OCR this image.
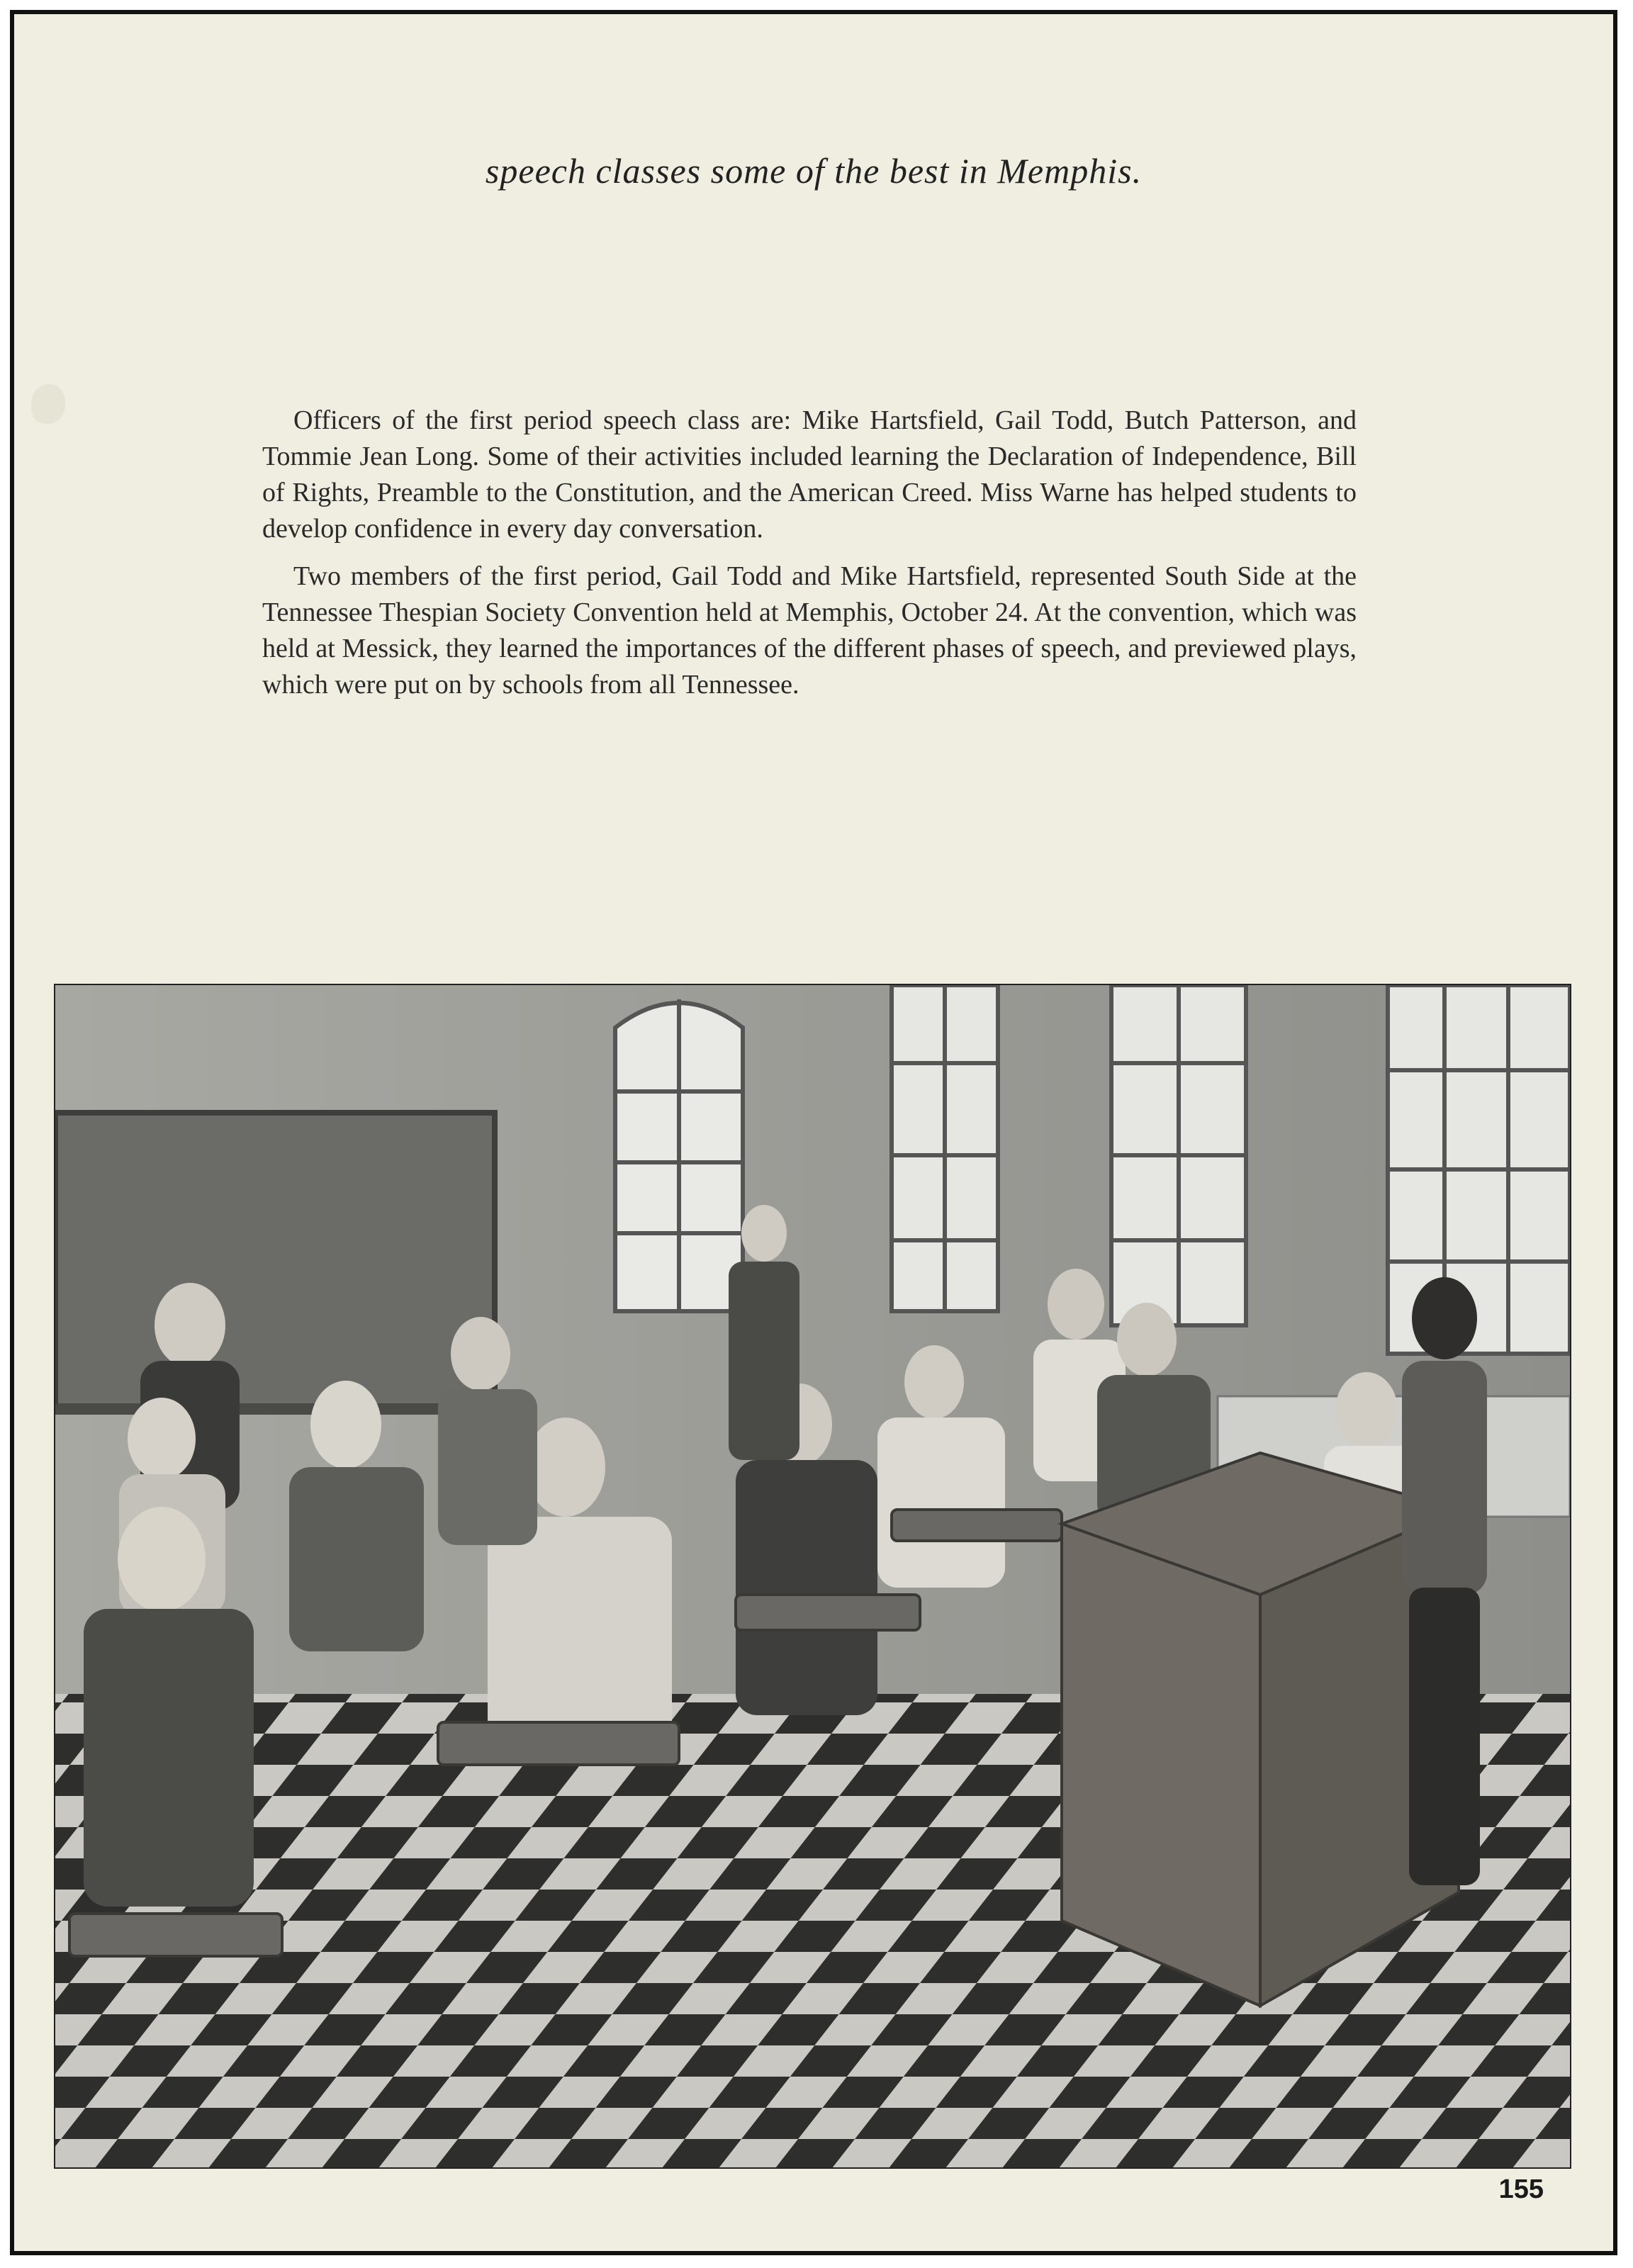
speech classes some of the best in Memphis.

Officers of the first period speech class are: Mike Hartsfield, Gail Todd, Butch Patterson, and Tommie Jean Long. Some of their activities included learning the Declaration of Independence, Bill of Rights, Preamble to the Constitution, and the American Creed. Miss Warne has helped students to develop confidence in every day conversation.

Two members of the first period, Gail Todd and Mike Hartsfield, represented South Side at the Tennessee Thespian Society Convention held at Memphis, October 24. At the convention, which was held at Messick, they learned the importances of the different phases of speech, and previewed plays, which were put on by schools from all Tennessee.

155
